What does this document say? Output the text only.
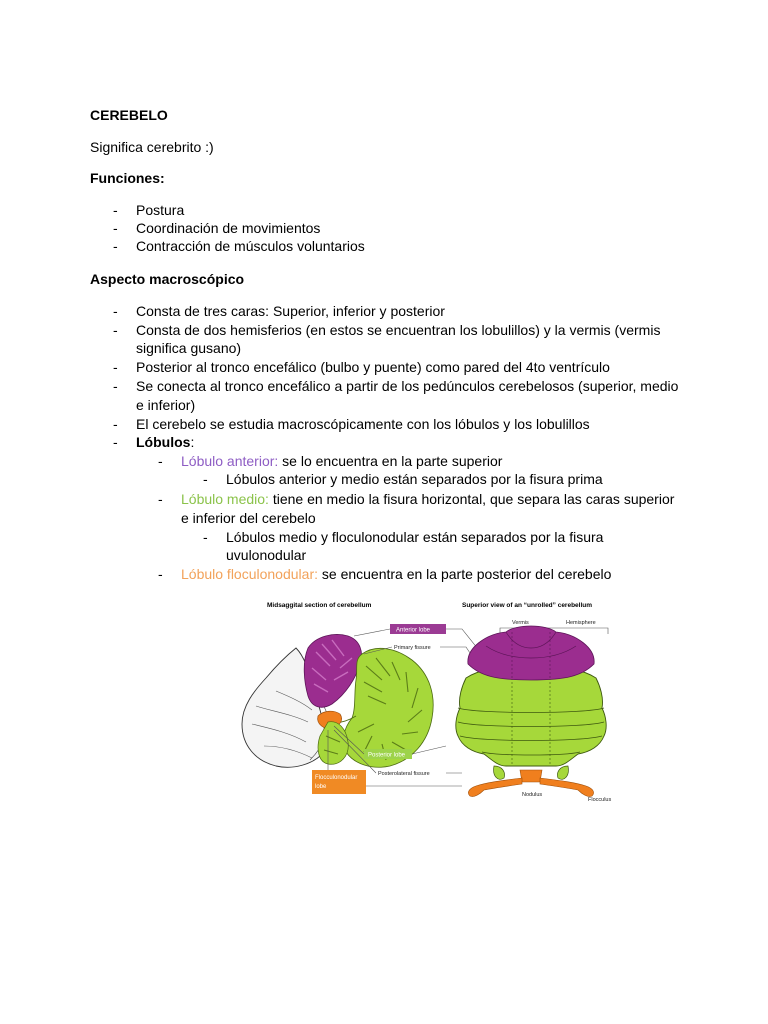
CEREBELO
Significa cerebrito :)
Funciones:
- Postura
- Coordinación de movimientos
- Contracción de músculos voluntarios
Aspecto macroscópico
- Consta de tres caras: Superior, inferior y posterior
- Consta de dos hemisferios (en estos se encuentran los lobulillos) y la vermis (vermis
significa gusano)
- Posterior al tronco encefálico (bulbo y puente) como pared del 4to ventrículo
- Se conecta al tronco encefálico a partir de los pedúnculos cerebelosos (superior, medio
e inferior)
- El cerebelo se estudia macroscópicamente con los lóbulos y los lobulillos
- Lóbulos:
- Lóbulo anterior: se lo encuentra en la parte superior
- Lóbulos anterior y medio están separados por la fisura prima
- Lóbulo medio: tiene en medio la fisura horizontal, que separa las caras superior
e inferior del cerebelo
- Lóbulos medio y floculonodular están separados por la fisura
uvulonodular
- Lóbulo floculonodular: se encuentra en la parte posterior del cerebelo
Midsaggital section of cerebellum	Superior view of an “unrolled” cerebellum
Anterior lobe
Primary fissure
Posterior lobe
Posterolateral fissure
Flocculonodular
lobe
Vermis	Hemisphere
Nodulus
Flocculus
